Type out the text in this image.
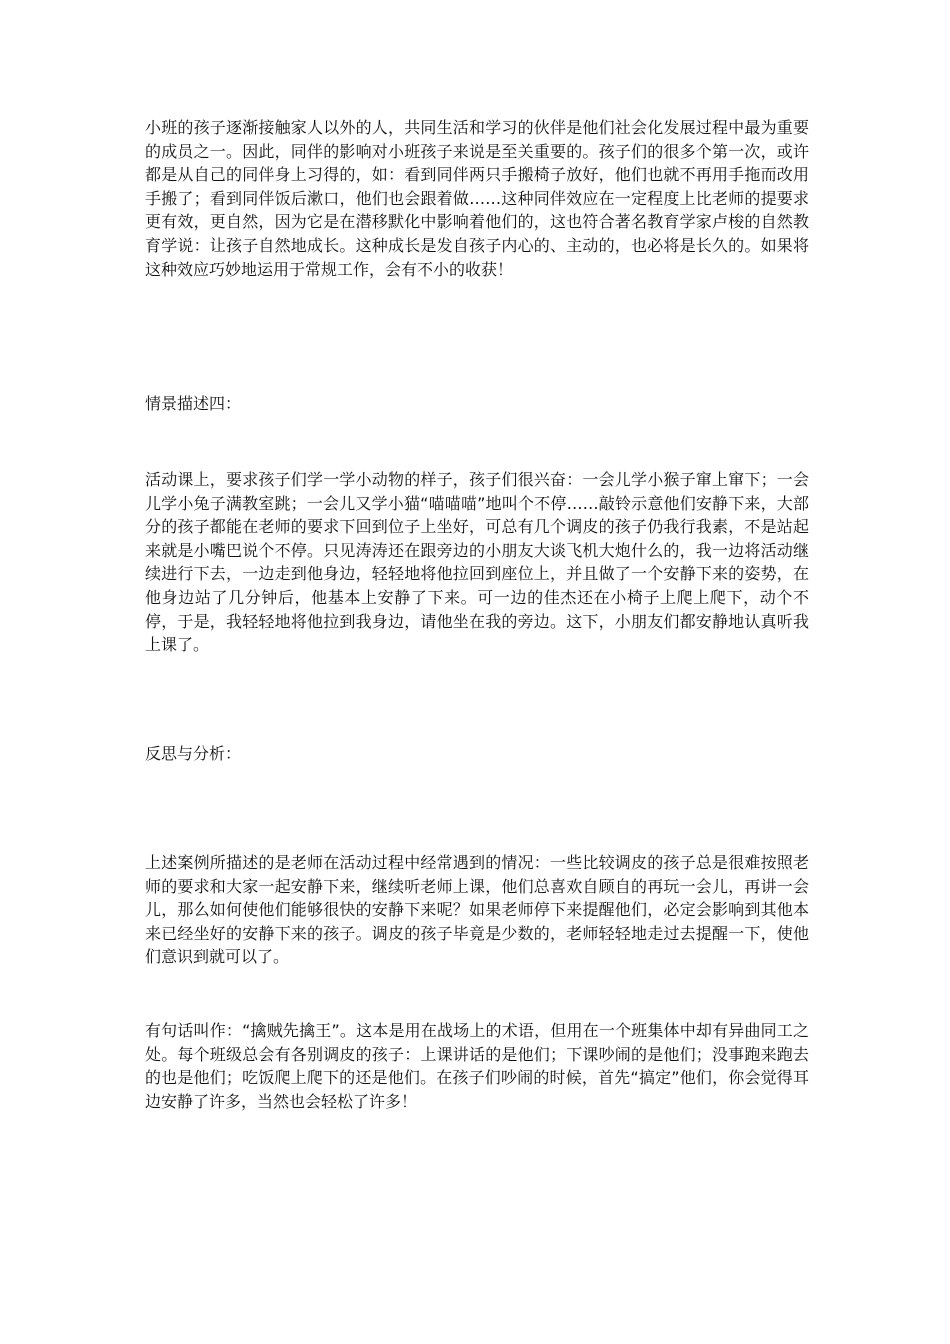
小班的孩子逐渐接触家人以外的人，共同生活和学习的伙伴是他们社会化发展过程中最为重要的成员之一。因此，同伴的影响对小班孩子来说是至关重要的。孩子们的很多个第一次，或许都是从自己的同伴身上习得的，如：看到同伴两只手搬椅子放好，他们也就不再用手拖而改用手搬了；看到同伴饭后漱口，他们也会跟着做……这种同伴效应在一定程度上比老师的提要求更有效，更自然，因为它是在潜移默化中影响着他们的，这也符合著名教育学家卢梭的自然教育学说：让孩子自然地成长。这种成长是发自孩子内心的、主动的，也必将是长久的。如果将这种效应巧妙地运用于常规工作，会有不小的收获！

情景描述四：

活动课上，要求孩子们学一学小动物的样子，孩子们很兴奋：一会儿学小猴子窜上窜下；一会儿学小兔子满教室跳；一会儿又学小猫“喵喵喵”地叫个不停……敲铃示意他们安静下来，大部分的孩子都能在老师的要求下回到位子上坐好，可总有几个调皮的孩子仍我行我素，不是站起来就是小嘴巴说个不停。只见涛涛还在跟旁边的小朋友大谈飞机大炮什么的，我一边将活动继续进行下去，一边走到他身边，轻轻地将他拉回到座位上，并且做了一个安静下来的姿势，在他身边站了几分钟后，他基本上安静了下来。可一边的佳杰还在小椅子上爬上爬下，动个不停，于是，我轻轻地将他拉到我身边，请他坐在我的旁边。这下，小朋友们都安静地认真听我上课了。

反思与分析：

上述案例所描述的是老师在活动过程中经常遇到的情况：一些比较调皮的孩子总是很难按照老师的要求和大家一起安静下来，继续听老师上课，他们总喜欢自顾自的再玩一会儿，再讲一会儿，那么如何使他们能够很快的安静下来呢？如果老师停下来提醒他们，必定会影响到其他本来已经坐好的安静下来的孩子。调皮的孩子毕竟是少数的，老师轻轻地走过去提醒一下，使他们意识到就可以了。

有句话叫作：“擒贼先擒王”。这本是用在战场上的术语，但用在一个班集体中却有异曲同工之处。每个班级总会有各别调皮的孩子：上课讲话的是他们；下课吵闹的是他们；没事跑来跑去的也是他们；吃饭爬上爬下的还是他们。在孩子们吵闹的时候，首先“搞定”他们，你会觉得耳边安静了许多，当然也会轻松了许多！
